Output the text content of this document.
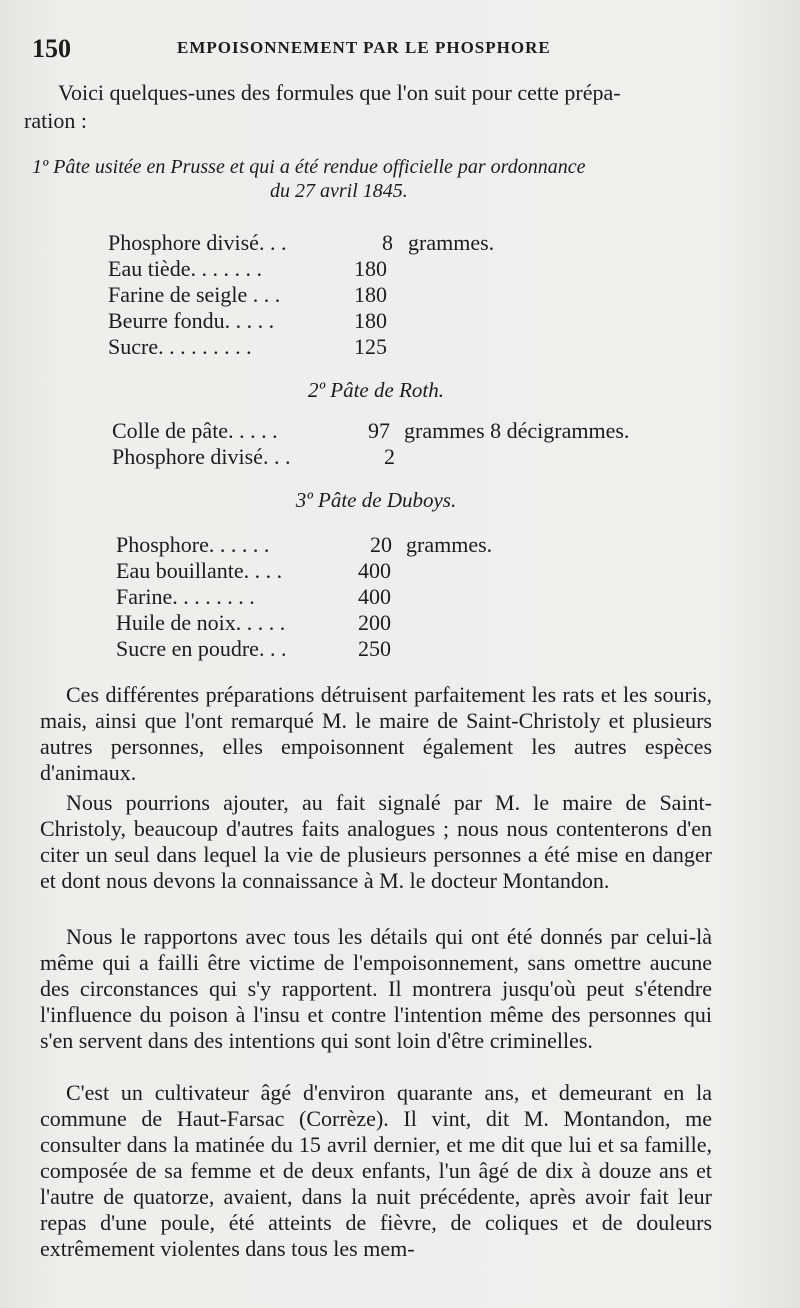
150	EMPOISONNEMENT PAR LE PHOSPHORE
Voici quelques-unes des formules que l'on suit pour cette prépa-
ration :
1º Pâte usitée en Prusse et qui a été rendue officielle par ordonnance
du 27 avril 1845.
Phosphore divisé. . .	8 grammes.
Eau tiède. . . . . . .	180
Farine de seigle . . .	180
Beurre fondu. . . . .	180
Sucre. . . . . . . . .	125
2º Pâte de Roth.
Colle de pâte. . . . .	97 grammes 8 décigrammes.
Phosphore divisé. . .	2
3º Pâte de Duboys.
Phosphore. . . . . .	20 grammes.
Eau bouillante. . . .	400
Farine. . . . . . . .	400
Huile de noix. . . . .	200
Sucre en poudre. . .	250
Ces différentes préparations détruisent parfaitement les rats et les souris, mais, ainsi que l'ont remarqué M. le maire de Saint-Christoly et plusieurs autres personnes, elles empoisonnent également les autres espèces d'animaux.
Nous pourrions ajouter, au fait signalé par M. le maire de Saint-Christoly, beaucoup d'autres faits analogues ; nous nous contenterons d'en citer un seul dans lequel la vie de plusieurs personnes a été mise en danger et dont nous devons la connaissance à M. le docteur Montandon.
Nous le rapportons avec tous les détails qui ont été donnés par celui-là même qui a failli être victime de l'empoisonnement, sans omettre aucune des circonstances qui s'y rapportent. Il montrera jusqu'où peut s'étendre l'influence du poison à l'insu et contre l'intention même des personnes qui s'en servent dans des intentions qui sont loin d'être criminelles.
C'est un cultivateur âgé d'environ quarante ans, et demeurant en la commune de Haut-Farsac (Corrèze). Il vint, dit M. Montandon, me consulter dans la matinée du 15 avril dernier, et me dit que lui et sa famille, composée de sa femme et de deux enfants, l'un âgé de dix à douze ans et l'autre de quatorze, avaient, dans la nuit précédente, après avoir fait leur repas d'une poule, été atteints de fièvre, de coliques et de douleurs extrêmement violentes dans tous les mem-
